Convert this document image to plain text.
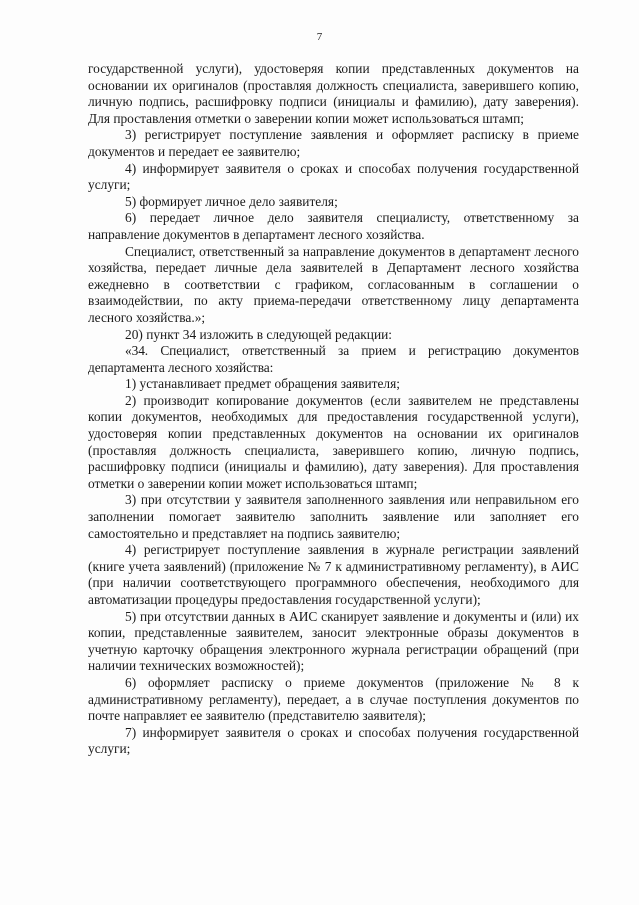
7

государственной услуги), удостоверяя копии представленных документов на основании их оригиналов (проставляя должность специалиста, заверившего копию, личную подпись, расшифровку подписи (инициалы и фамилию), дату заверения). Для проставления отметки о заверении копии может использоваться штамп;

3) регистрирует поступление заявления и оформляет расписку в приеме документов и передает ее заявителю;

4) информирует заявителя о сроках и способах получения государственной услуги;

5) формирует личное дело заявителя;

6) передает личное дело заявителя специалисту, ответственному за направление документов в департамент лесного хозяйства.

Специалист, ответственный за направление документов в департамент лесного хозяйства, передает личные дела заявителей в Департамент лесного хозяйства ежедневно в соответствии с графиком, согласованным в соглашении о взаимодействии, по акту приема-передачи ответственному лицу департамента лесного хозяйства.»;

20) пункт 34 изложить в следующей редакции:

«34. Специалист, ответственный за прием и регистрацию документов департамента лесного хозяйства:

1) устанавливает предмет обращения заявителя;

2) производит копирование документов (если заявителем не представлены копии документов, необходимых для предоставления государственной услуги), удостоверяя копии представленных документов на основании их оригиналов (проставляя должность специалиста, заверившего копию, личную подпись, расшифровку подписи (инициалы и фамилию), дату заверения). Для проставления отметки о заверении копии может использоваться штамп;

3) при отсутствии у заявителя заполненного заявления или неправильном его заполнении помогает заявителю заполнить заявление или заполняет его самостоятельно и представляет на подпись заявителю;

4) регистрирует поступление заявления в журнале регистрации заявлений (книге учета заявлений) (приложение № 7 к административному регламенту), в АИС (при наличии соответствующего программного обеспечения, необходимого для автоматизации процедуры предоставления государственной услуги);

5) при отсутствии данных в АИС сканирует заявление и документы и (или) их копии, представленные заявителем, заносит электронные образы документов в учетную карточку обращения электронного журнала регистрации обращений (при наличии технических возможностей);

6) оформляет расписку о приеме документов (приложение № 8 к административному регламенту), передает, а в случае поступления документов по почте направляет ее заявителю (представителю заявителя);

7) информирует заявителя о сроках и способах получения государственной услуги;
